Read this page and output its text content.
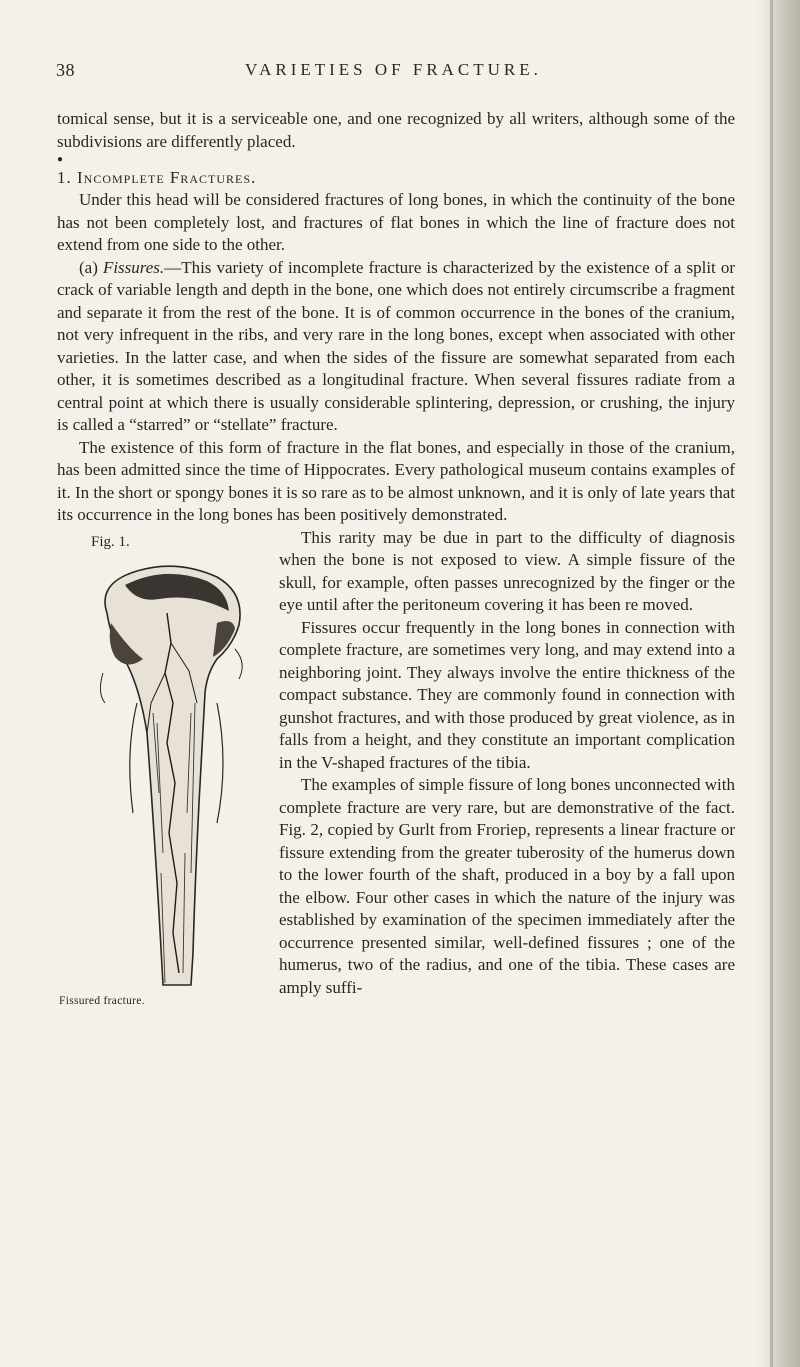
38	VARIETIES OF FRACTURE.

tomical sense, but it is a serviceable one, and one recognized by all writers, although some of the subdivisions are differently placed.

●

1. Incomplete Fractures.

Under this head will be considered fractures of long bones, in which the continuity of the bone has not been completely lost, and fractures of flat bones in which the line of fracture does not extend from one side to the other.

(a) Fissures.—This variety of incomplete fracture is characterized by the existence of a split or crack of variable length and depth in the bone, one which does not entirely circumscribe a fragment and separate it from the rest of the bone. It is of common occurrence in the bones of the cranium, not very infrequent in the ribs, and very rare in the long bones, except when associated with other varieties. In the latter case, and when the sides of the fissure are somewhat separated from each other, it is sometimes described as a longitudinal fracture. When several fissures radiate from a central point at which there is usually considerable splintering, depression, or crushing, the injury is called a “starred” or “stellate” fracture.

The existence of this form of fracture in the flat bones, and especially in those of the cranium, has been admitted since the time of Hippocrates. Every pathological museum contains examples of it. In the short or spongy bones it is so rare as to be almost unknown, and it is only of late years that its occurrence in the long bones has been positively demonstrated.

Fig. 1.
Fissured fracture.

This rarity may be due in part to the difficulty of diagnosis when the bone is not exposed to view. A simple fissure of the skull, for example, often passes unrecognized by the finger or the eye until after the peritoneum covering it has been re moved.

Fissures occur frequently in the long bones in connection with complete fracture, are sometimes very long, and may extend into a neighboring joint. They always involve the entire thickness of the compact substance. They are commonly found in connection with gunshot fractures, and with those produced by great violence, as in falls from a height, and they constitute an important complication in the V-shaped fractures of the tibia.

The examples of simple fissure of long bones unconnected with complete fracture are very rare, but are demonstrative of the fact. Fig. 2, copied by Gurlt from Froriep, represents a linear fracture or fissure extending from the greater tuberosity of the humerus down to the lower fourth of the shaft, produced in a boy by a fall upon the elbow. Four other cases in which the nature of the injury was established by examination of the specimen immediately after the occurrence presented similar, well-defined fissures ; one of the humerus, two of the radius, and one of the tibia. These cases are amply suffi-
